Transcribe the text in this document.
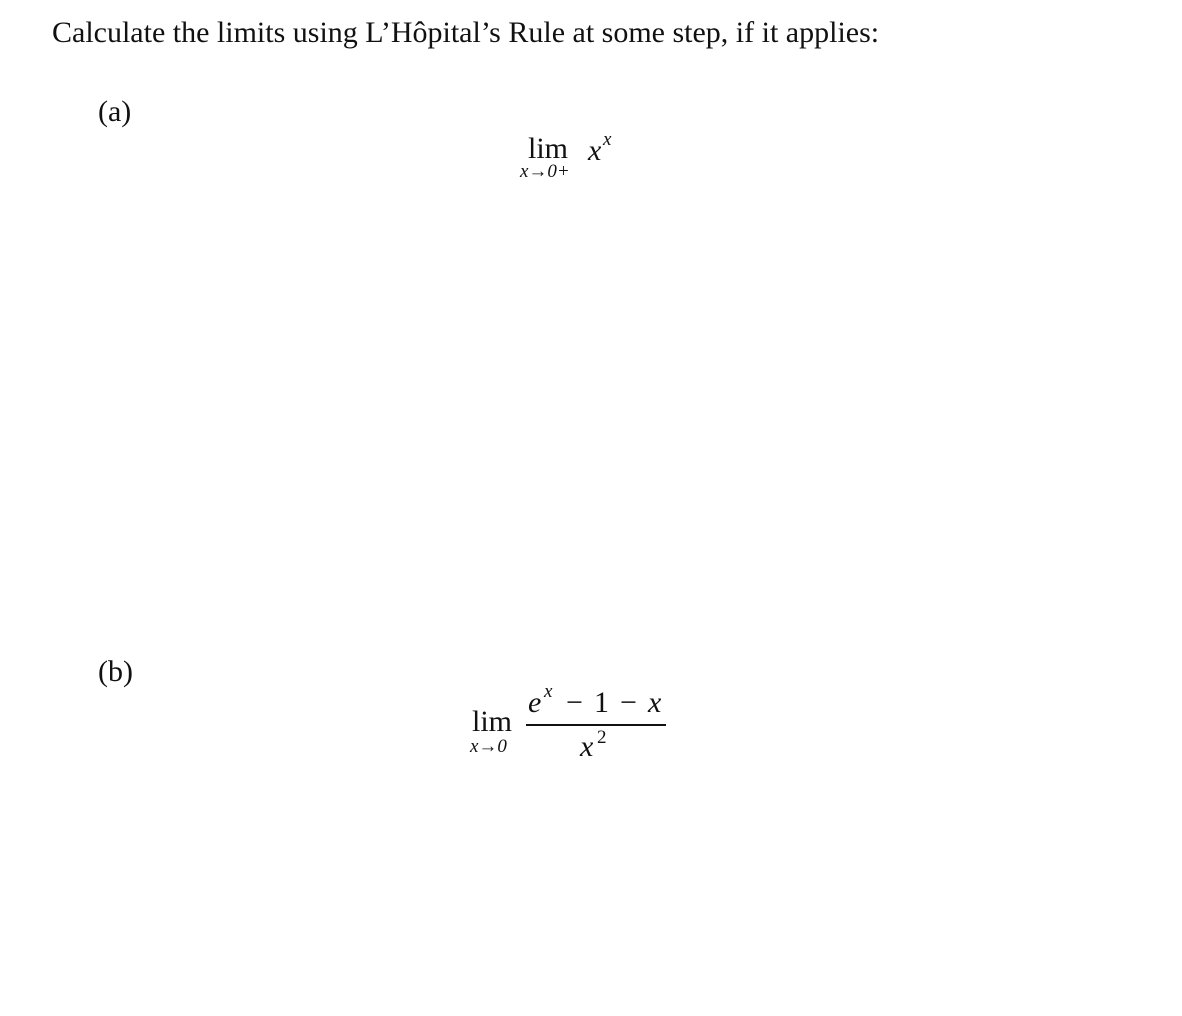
Calculate the limits using L’Hôpital’s Rule at some step, if it applies:
(a)
lim
x→0+
x x
(b)
lim
x→0
e x − 1 − x
x 2
